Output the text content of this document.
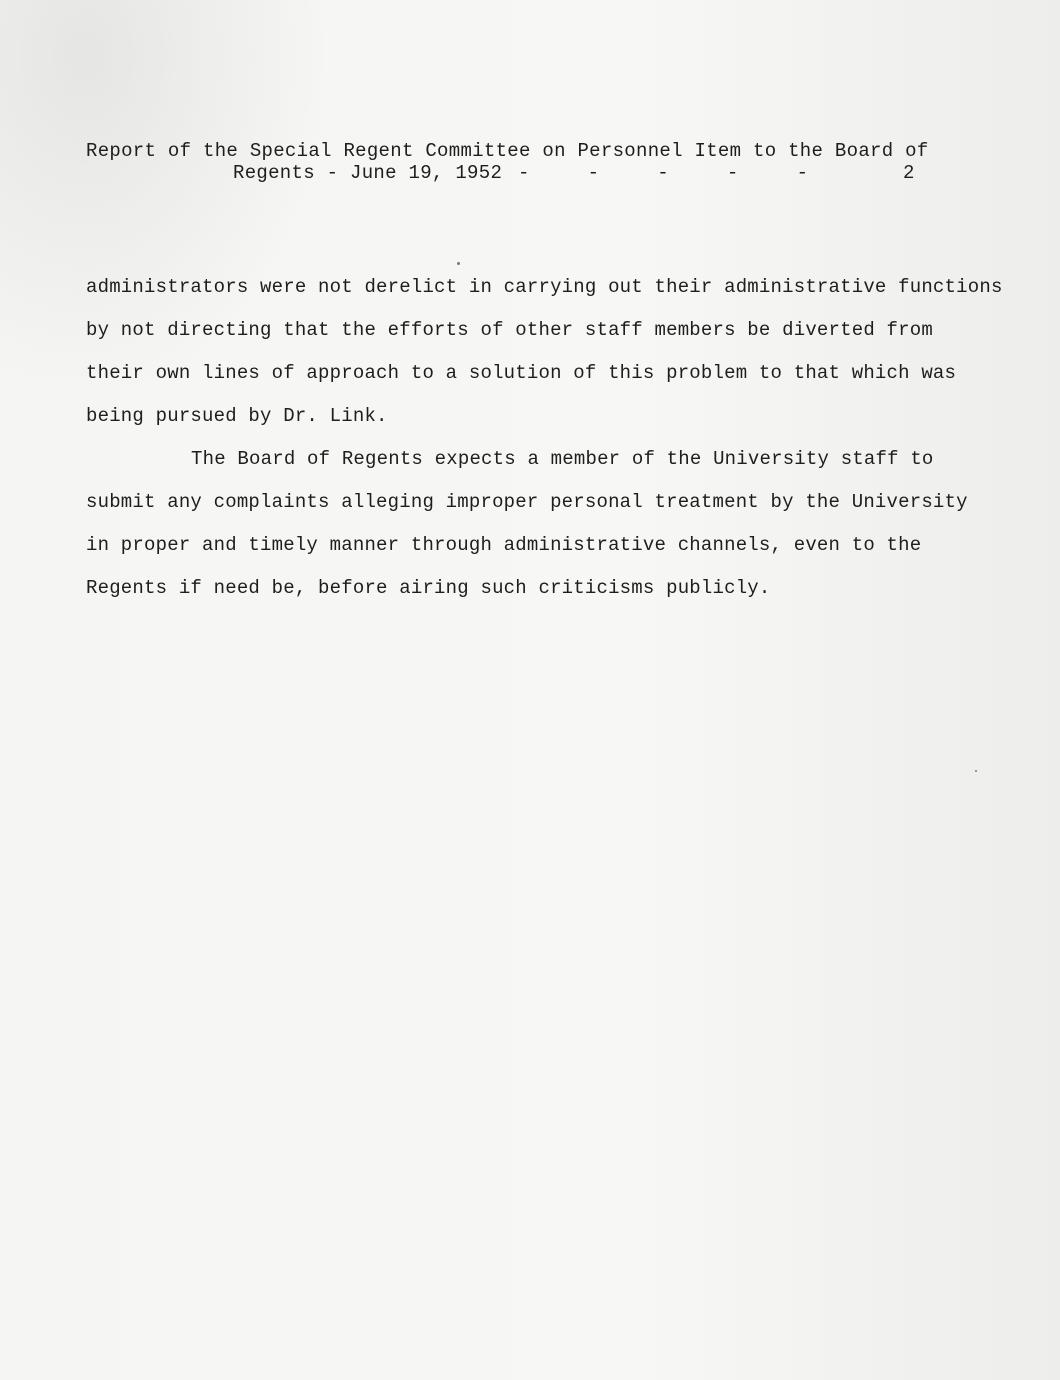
Report of the Special Regent Committee on Personnel Item to the Board of
Regents - June 19, 1952 -	-	-	-	-	2

administrators were not derelict in carrying out their administrative functions

by not directing that the efforts of other staff members be diverted from

their own lines of approach to a solution of this problem to that which was

being pursued by Dr. Link.

The Board of Regents expects a member of the University staff to

submit any complaints alleging improper personal treatment by the University

in proper and timely manner through administrative channels, even to the

Regents if need be, before airing such criticisms publicly.
